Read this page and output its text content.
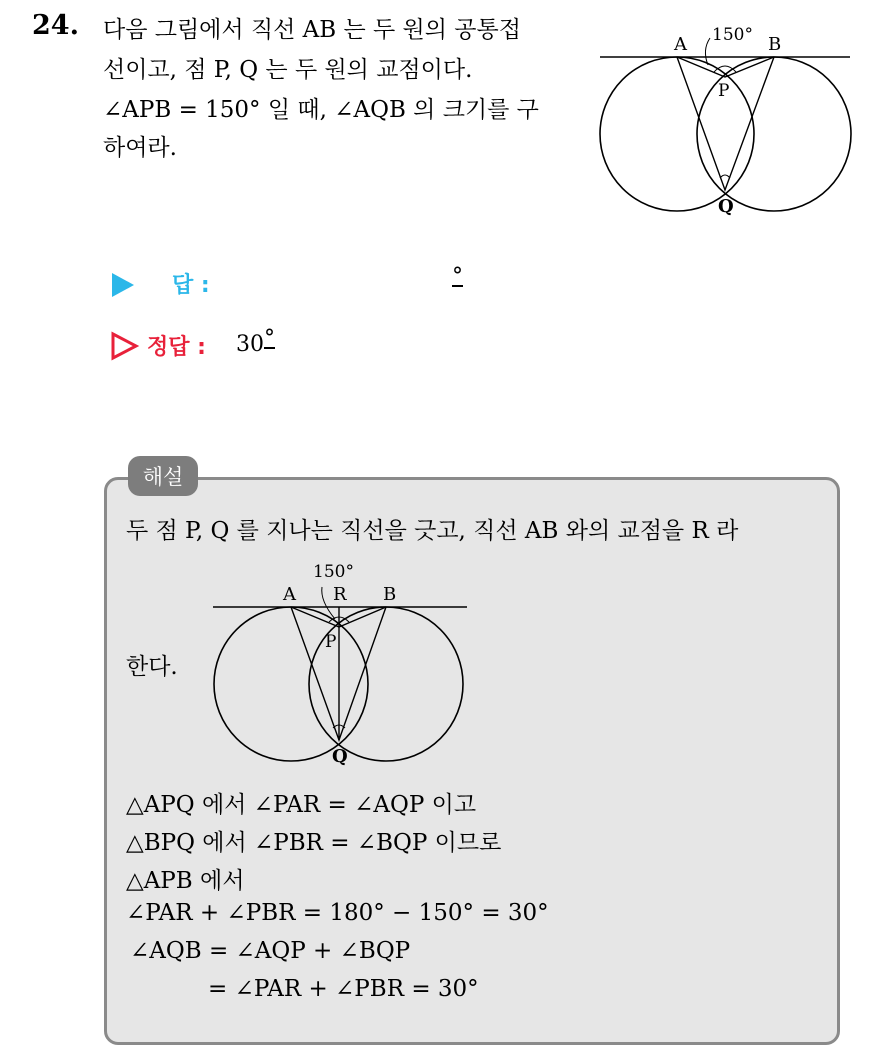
24. 다음 그림에서 직선 AB 는 두 원의 공통접
선이고, 점 P, Q 는 두 원의 교점이다.
∠APB = 150° 일 때, ∠AQB 의 크기를 구
하여라.
A	B
150°
P
Q
답 :	°
정답 : 30 °
해설
두 점 P, Q 를 지나는 직선을 긋고, 직선 AB 와의 교점을 R 라
한다.
A R B
150°
P
Q
△APQ 에서 ∠PAR = ∠AQP 이고
△BPQ 에서 ∠PBR = ∠BQP 이므로
△APB 에서
∠PAR + ∠PBR = 180° − 150° = 30°
∠AQB = ∠AQP + ∠BQP
= ∠PAR + ∠PBR = 30°
